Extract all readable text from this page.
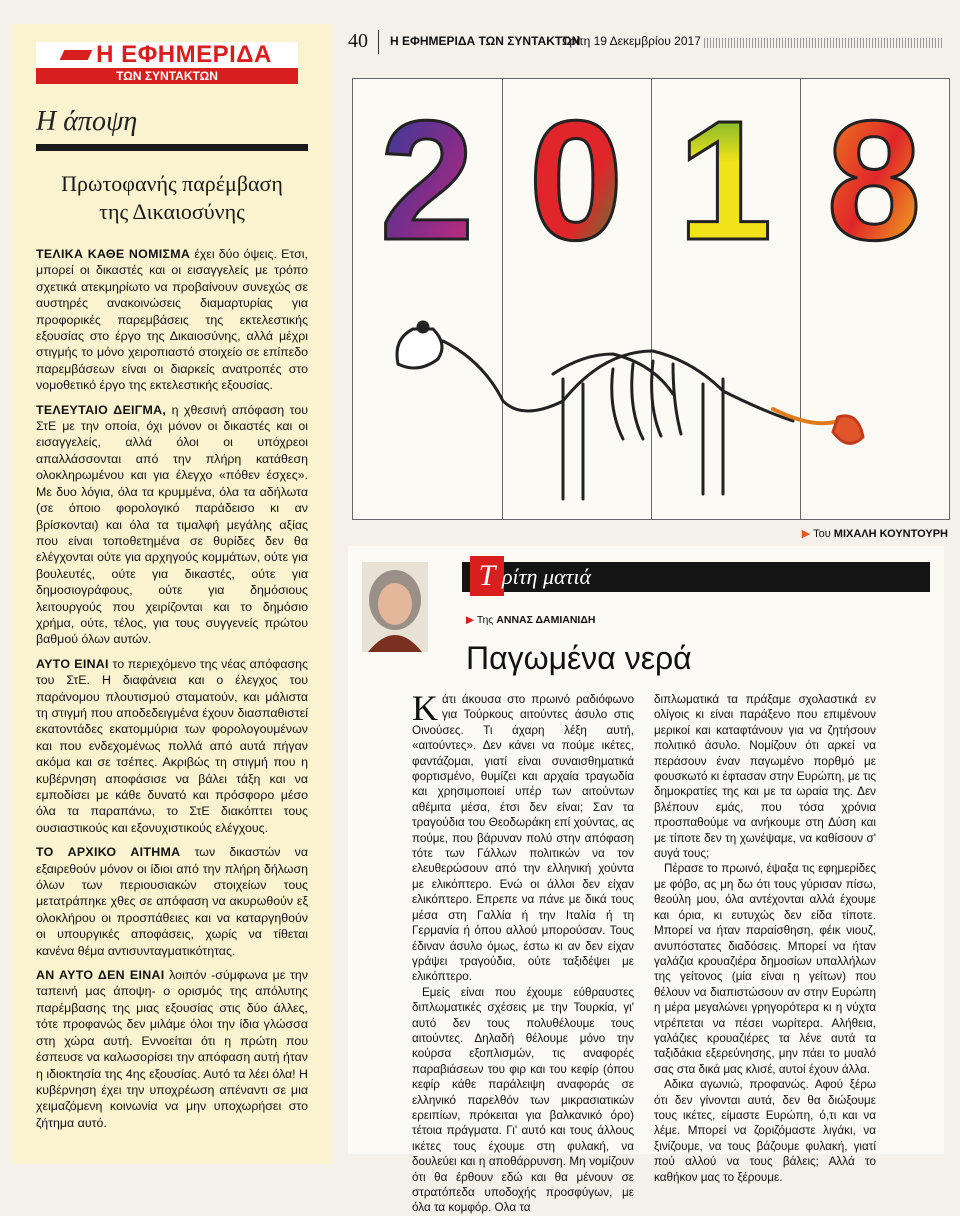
Η ΕΦΗΜΕΡΙΔΑ
ΤΩΝ ΣΥΝΤΑΚΤΩΝ
Η άποψη
Πρωτοφανής παρέμβαση
της Δικαιοσύνης

ΤΕΛΙΚΑ ΚΑΘΕ ΝΟΜΙΣΜΑ έχει δύο όψεις. Ετσι, μπορεί οι δικαστές και οι εισαγγελείς με τρόπο σχετικά ατεκμηρίωτο να προβαίνουν συνεχώς σε αυστηρές ανακοινώσεις διαμαρτυρίας για προφορικές παρεμβάσεις της εκτελεστικής εξουσίας στο έργο της Δικαιοσύνης, αλλά μέχρι στιγμής το μόνο χειροπιαστό στοιχείο σε επίπεδο παρεμβάσεων είναι οι διαρκείς ανατροπές στο νομοθετικό έργο της εκτελεστικής εξουσίας.

ΤΕΛΕΥΤΑΙΟ ΔΕΙΓΜΑ, η χθεσινή απόφαση του ΣτΕ με την οποία, όχι μόνον οι δικαστές και οι εισαγγελείς, αλλά όλοι οι υπόχρεοι απαλλάσσονται από την πλήρη κατάθεση ολοκληρωμένου και για έλεγχο «πόθεν έσχες». Με δυο λόγια, όλα τα κρυμμένα, όλα τα αδήλωτα (σε όποιο φορολογικό παράδεισο κι αν βρίσκονται) και όλα τα τιμαλφή μεγάλης αξίας που είναι τοποθετημένα σε θυρίδες δεν θα ελέγχονται ούτε για αρχηγούς κομμάτων, ούτε για βουλευτές, ούτε για δικαστές, ούτε για δημοσιογράφους, ούτε για δημόσιους λειτουργούς που χειρίζονται και το δημόσιο χρήμα, ούτε, τέλος, για τους συγγενείς πρώτου βαθμού όλων αυτών.

ΑΥΤΟ ΕΙΝΑΙ το περιεχόμενο της νέας απόφασης του ΣτΕ. Η διαφάνεια και ο έλεγχος του παράνομου πλουτισμού σταματούν, και μάλιστα τη στιγμή που αποδεδειγμένα έχουν διασπαθιστεί εκατοντάδες εκατομμύρια των φορολογουμένων και που ενδεχομένως πολλά από αυτά πήγαν ακόμα και σε τσέπες. Ακριβώς τη στιγμή που η κυβέρνηση αποφάσισε να βάλει τάξη και να εμποδίσει με κάθε δυνατό και πρόσφορο μέσο όλα τα παραπάνω, το ΣτΕ διακόπτει τους ουσιαστικούς και εξονυχιστικούς ελέγχους.

ΤΟ ΑΡΧΙΚΟ ΑΙΤΗΜΑ των δικαστών να εξαιρεθούν μόνον οι ίδιοι από την πλήρη δήλωση όλων των περιουσιακών στοιχείων τους μετατράπηκε χθες σε απόφαση να ακυρωθούν εξ ολοκλήρου οι προσπάθειες και να καταργηθούν οι υπουργικές αποφάσεις, χωρίς να τίθεται κανένα θέμα αντισυνταγματικότητας.

ΑΝ ΑΥΤΟ ΔΕΝ ΕΙΝΑΙ λοιπόν -σύμφωνα με την ταπεινή μας άποψη- ο ορισμός της απόλυτης παρέμβασης της μιας εξουσίας στις δύο άλλες, τότε προφανώς δεν μιλάμε όλοι την ίδια γλώσσα στη χώρα αυτή. Εννοείται ότι η πρώτη που έσπευσε να καλωσορίσει την απόφαση αυτή ήταν η ιδιοκτησία της 4ης εξουσίας. Αυτό τα λέει όλα! Η κυβέρνηση έχει την υποχρέωση απέναντι σε μια χειμαζόμενη κοινωνία να μην υποχωρήσει στο ζήτημα αυτό.

40 Η ΕΦΗΜΕΡΙΔΑ ΤΩΝ ΣΥΝΤΑΚΤΩΝ
Τρίτη 19 Δεκεμβρίου 2017
2 0 1 8
▶ Του ΜΙΧΑΛΗ ΚΟΥΝΤΟΥΡΗ
Τ ρίτη ματιά
▶ Της ΑΝΝΑΣ ΔΑΜΙΑΝΙΔΗ
Παγωμένα νερά

Κάτι άκουσα στο πρωινό ραδιόφωνο για Τούρκους αιτούντες άσυλο στις Οινούσες. Τι άχαρη λέξη αυτή, «αιτούντες». Δεν κάνει να πούμε ικέτες, φαντάζομαι, γιατί είναι συναισθηματικά φορτισμένο, θυμίζει και αρχαία τραγωδία και χρησιμοποιεί υπέρ των αιτούντων αθέμιτα μέσα, έτσι δεν είναι; Σαν τα τραγούδια του Θεοδωράκη επί χούντας, ας πούμε, που βάρυναν πολύ στην απόφαση τότε των Γάλλων πολιτικών να τον ελευθερώσουν από την ελληνική χούντα με ελικόπτερο. Ενώ οι άλλοι δεν είχαν ελικόπτερο. Επρεπε να πάνε με δικά τους μέσα στη Γαλλία ή την Ιταλία ή τη Γερμανία ή όπου αλλού μπορούσαν. Τους έδιναν άσυλο όμως, έστω κι αν δεν είχαν γράψει τραγούδια, ούτε ταξιδέψει με ελικόπτερο.

Εμείς είναι που έχουμε εύθραυστες διπλωματικές σχέσεις με την Τουρκία, γι' αυτό δεν τους πολυθέλουμε τους αιτούντες. Δηλαδή θέλουμε μόνο την κούρσα εξοπλισμών, τις αναφορές παραβιάσεων του φιρ και του κεφίρ (όπου κεφίρ κάθε παράλειψη αναφοράς σε ελληνικό παρελθόν των μικρασιατικών ερειπίων, πρόκειται για βαλκανικό όρο) τέτοια πράγματα. Γι' αυτό και τους άλλους ικέτες τους έχουμε στη φυλακή, να δουλεύει και η αποθάρρυνση. Μη νομίζουν ότι θα έρθουν εδώ και θα μένουν σε στρατόπεδα υποδοχής προσφύγων, με όλα τα κομφόρ. Ολα τα

διπλωματικά τα πράξαμε σχολαστικά εν ολίγοις κι είναι παράξενο που επιμένουν μερικοί και καταφτάνουν για να ζητήσουν πολιτικό άσυλο. Νομίζουν ότι αρκεί να περάσουν έναν παγωμένο πορθμό με φουσκωτό κι έφτασαν στην Ευρώπη, με τις δημοκρατίες της και με τα ωραία της. Δεν βλέπουν εμάς, που τόσα χρόνια προσπαθούμε να ανήκουμε στη Δύση και με τίποτε δεν τη χωνέψαμε, να καθίσουν σ' αυγά τους;

Πέρασε το πρωινό, έψαξα τις εφημερίδες με φόβο, ας μη δω ότι τους γύρισαν πίσω, θεούλη μου, όλα αντέχονται αλλά έχουμε και όρια, κι ευτυχώς δεν είδα τίποτε. Μπορεί να ήταν παραίσθηση, φέικ νιουζ, ανυπόστατες διαδόσεις. Μπορεί να ήταν γαλάζια κρουαζιέρα δημοσίων υπαλλήλων της γείτονος (μία είναι η γείτων) που θέλουν να διαπιστώσουν αν στην Ευρώπη η μέρα μεγαλώνει γρηγορότερα κι η νύχτα ντρέπεται να πέσει νωρίτερα. Αλήθεια, γαλάζιες κρουαζιέρες τα λένε αυτά τα ταξιδάκια εξερεύνησης, μην πάει το μυαλό σας στα δικά μας κλισέ, αυτοί έχουν άλλα.

Αδικα αγωνιώ, προφανώς. Αφού ξέρω ότι δεν γίνονται αυτά, δεν θα διώξουμε τους ικέτες, είμαστε Ευρώπη, ό,τι και να λέμε. Μπορεί να ζοριζόμαστε λιγάκι, να ξινίζουμε, να τους βάζουμε φυλακή, γιατί πού αλλού να τους βάλεις; Αλλά το καθήκον μας το ξέρουμε.
